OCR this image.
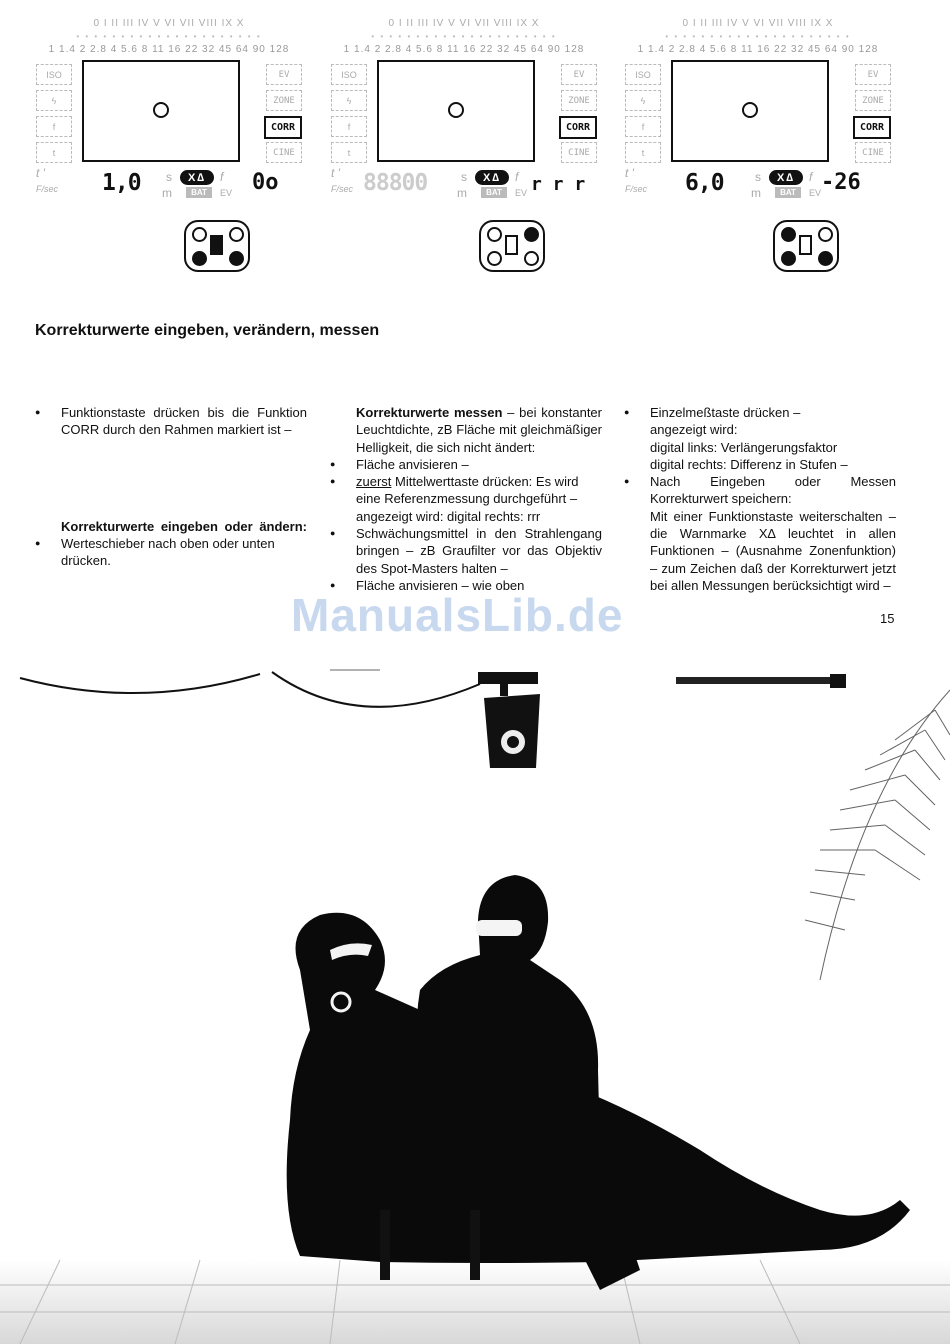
0 I II III IV V VI VII VIII IX X
• • • • • • • • • • • • • • • • • • • • •
1 1.4 2 2.8 4 5.6 8 11 16 22 32 45 64 90 128
ISO
ϟ
f
t
EV
ZONE
CORR
CINE
t '
F/sec 1,0 s
m
X∆
BAT
f
EV 0o
0 I II III IV V VI VII VIII IX X
• • • • • • • • • • • • • • • • • • • • •
1 1.4 2 2.8 4 5.6 8 11 16 22 32 45 64 90 128
ISO
ϟ
f
t
EV
ZONE
CORR
CINE
t '
F/sec 88800	s
m
X∆
BAT
f
EV r r r
0 I II III IV V VI VII VIII IX X
• • • • • • • • • • • • • • • • • • • • •
1 1.4 2 2.8 4 5.6 8 11 16 22 32 45 64 90 128
ISO
ϟ
f
t
EV
ZONE
CORR
CINE
t '
F/sec 6,0	s
m
X∆
BAT
f
EV -26
Korrekturwerte eingeben, verändern, messen

● Funktionstaste drücken bis die Funktion CORR durch den Rahmen markiert ist –

Korrekturwerte eingeben oder ändern:

● Werteschieber nach oben oder unten drücken.

Korrekturwerte messen – bei konstanter Leuchtdichte, zB Fläche mit gleichmäßiger Helligkeit, die sich nicht ändert:

● Fläche anvisieren –

● zuerst Mittelwerttaste drücken: Es wird eine Referenzmessung durchgeführt – angezeigt wird: digital rechts: rrr

● Schwächungsmittel in den Strahlengang bringen – zB Graufilter vor das Objektiv des Spot-Masters halten –

● Fläche anvisieren – wie oben

● Einzelmeßtaste drücken –
angezeigt wird:
digital links: Verlängerungsfaktor
digital rechts: Differenz in Stufen –

● Nach Eingeben oder Messen Korrekturwert speichern:
Mit einer Funktionstaste weiterschalten – die Warnmarke X∆ leuchtet in allen Funktionen – (Ausnahme Zonenfunktion) – zum Zeichen daß der Korrekturwert jetzt bei allen Messungen berücksichtigt wird –

15
ManualsLib.de
